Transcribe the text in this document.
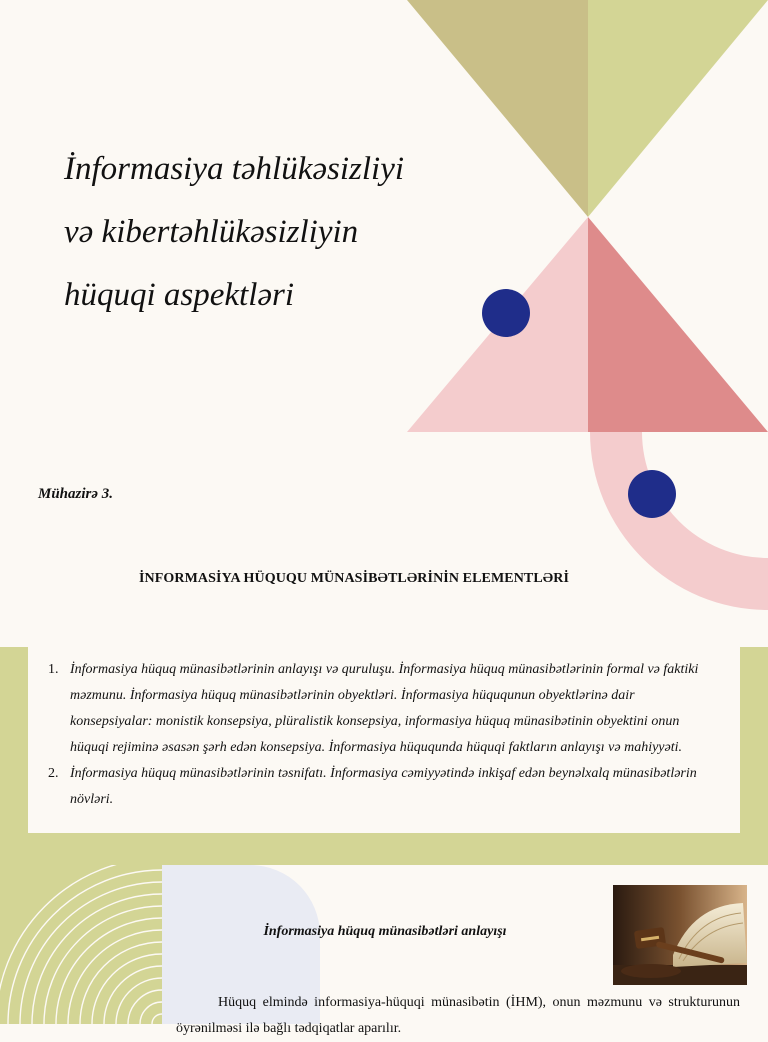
İnformasiya təhlükəsizliyi
və kibertəhlükəsizliyin
hüquqi aspektləri
Mühazirə 3.
İNFORMASİYA HÜQUQU MÜNASİBƏTLƏRİNİN ELEMENTLƏRİ
1. İnformasiya hüquq münasibətlərinin anlayışı və quruluşu. İnformasiya hüquq münasibətlərinin formal və faktiki məzmunu. İnformasiya hüquq münasibətlərinin obyektləri. İnformasiya hüququnun obyektlərinə dair konsepsiyalar: monistik konsepsiya, plüralistik konsepsiya, informasiya hüquq münasibətinin obyektini onun hüquqi rejiminə əsasən şərh edən konsepsiya. İnformasiya hüququnda hüquqi faktların anlayışı və mahiyyəti.
2. İnformasiya hüquq münasibətlərinin təsnifatı. İnformasiya cəmiyyətində inkişaf edən beynəlxalq münasibətlərin növləri.
İnformasiya hüquq münasibətləri anlayışı
Hüquq elmində informasiya-hüquqi münasibətin (İHM), onun məzmunu və strukturunun öyrənilməsi ilə bağlı tədqiqatlar aparılır.
